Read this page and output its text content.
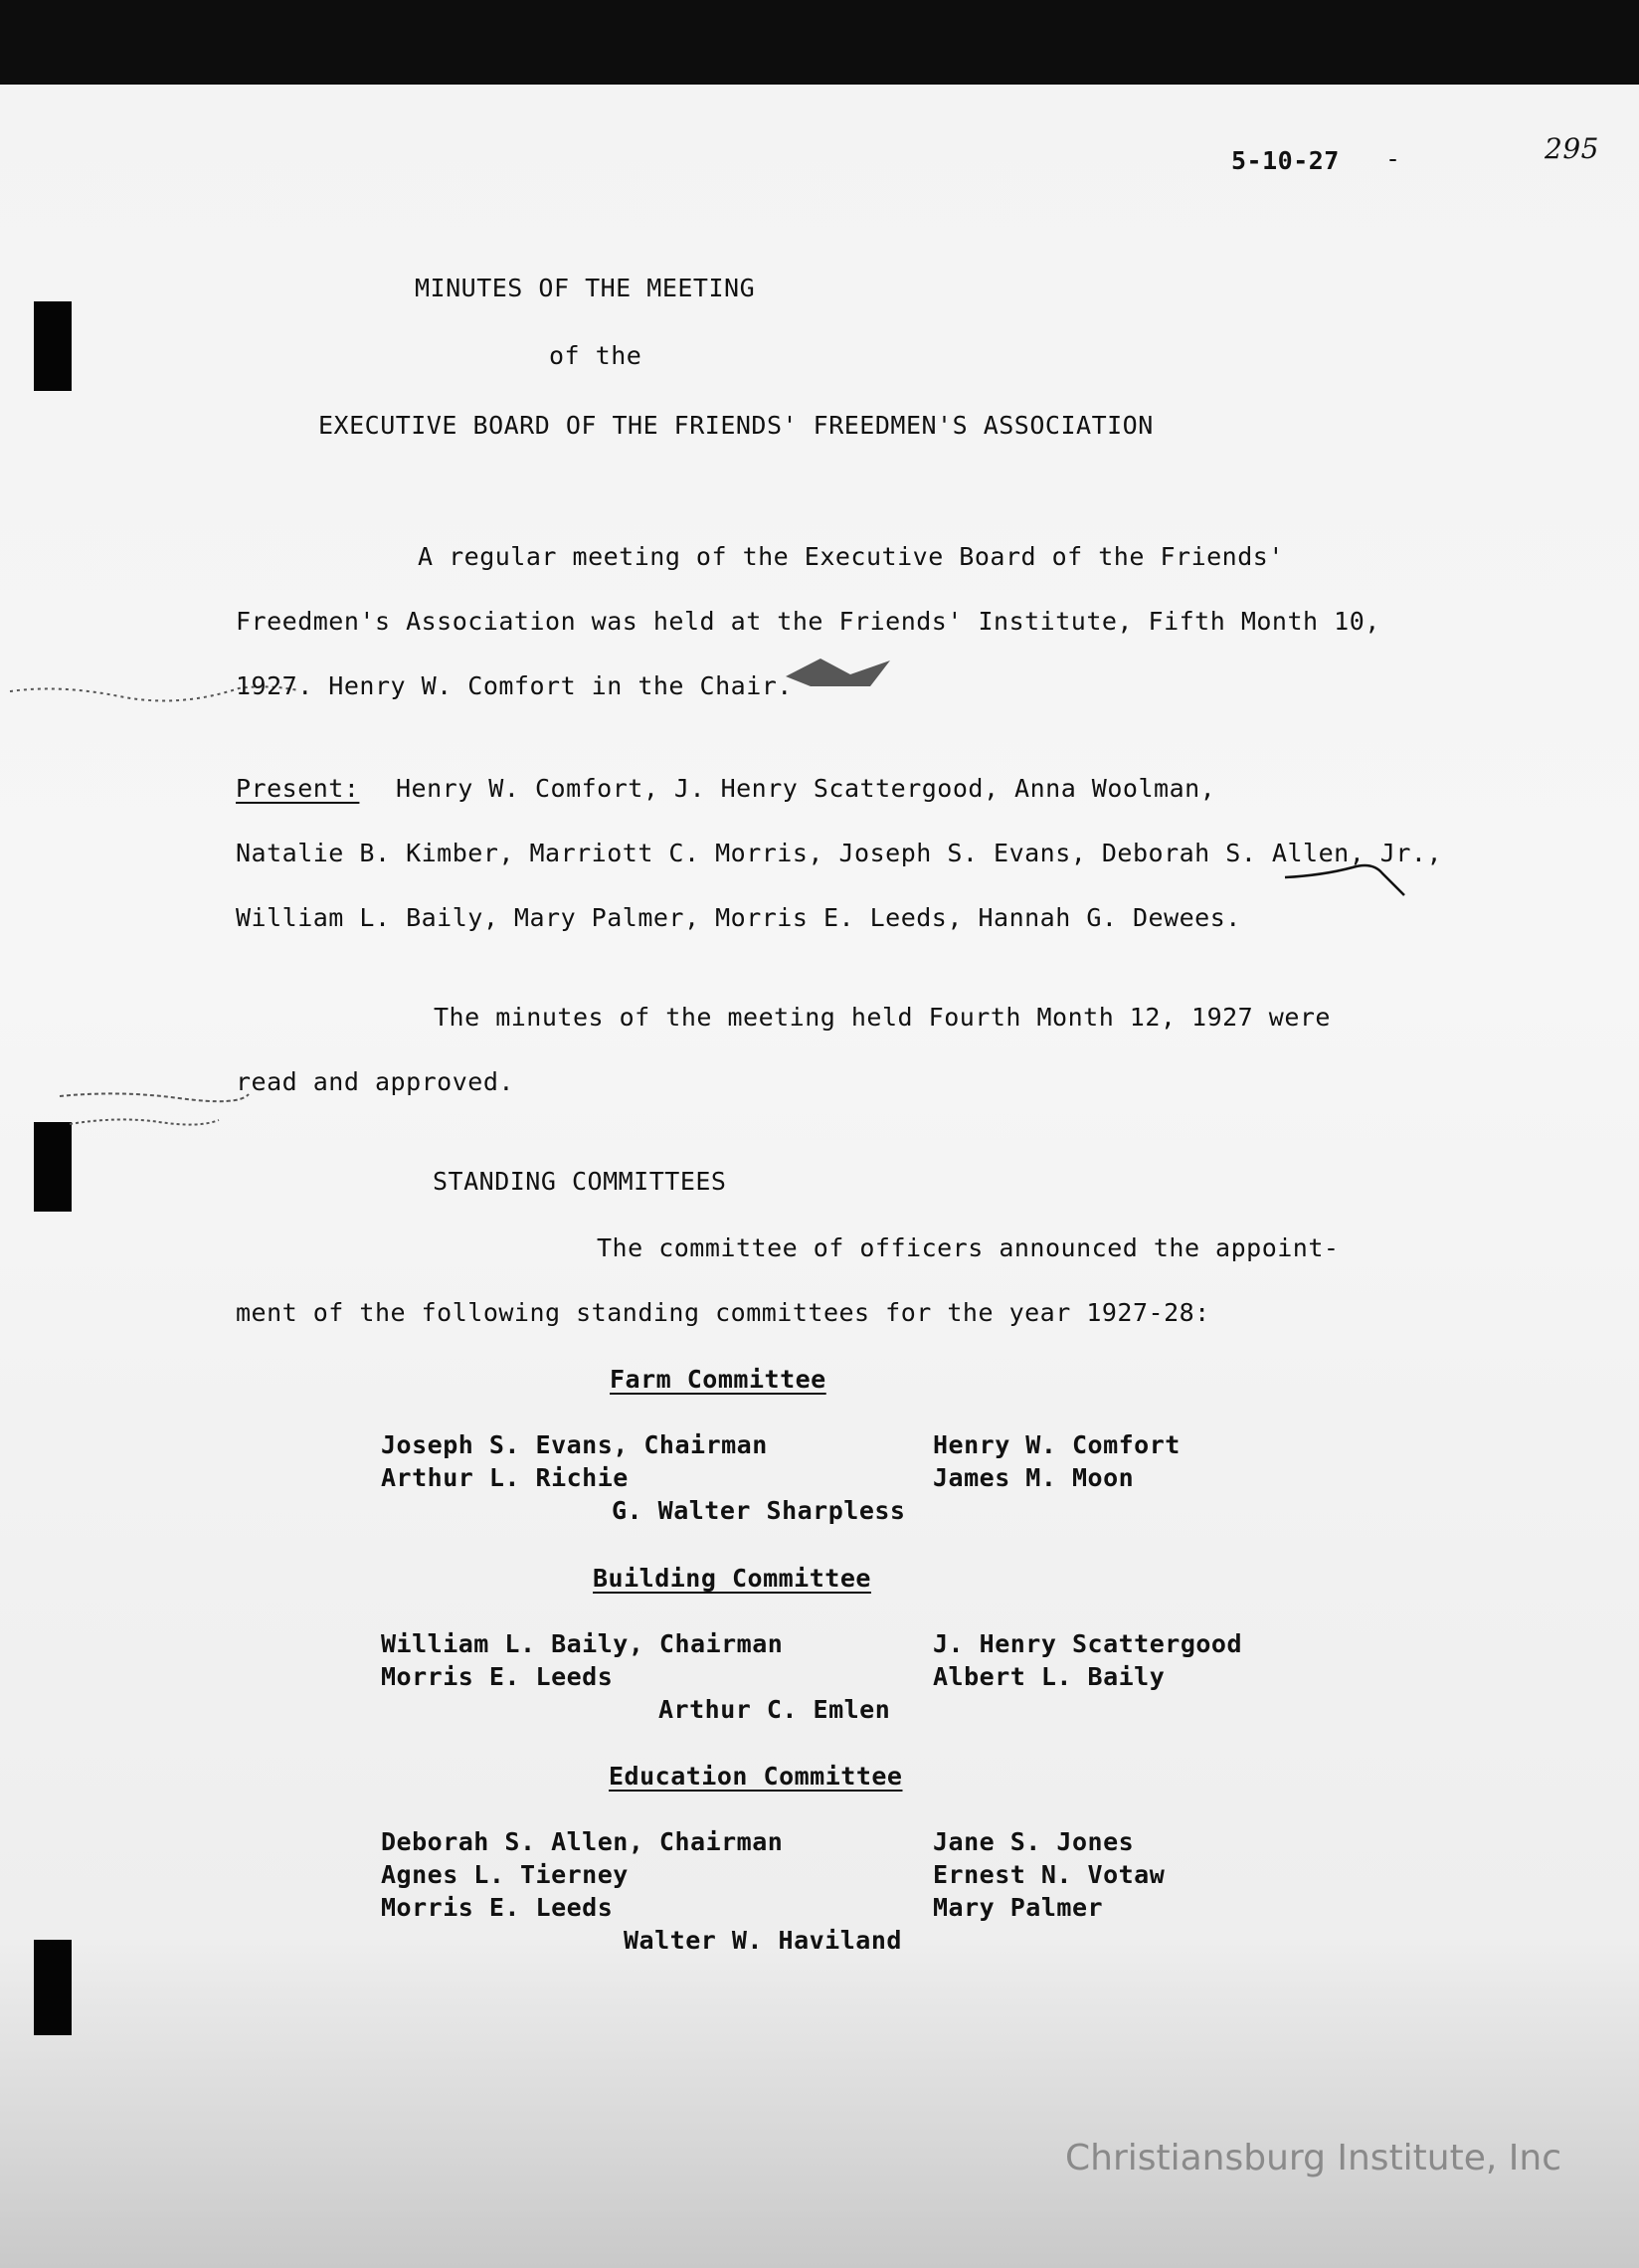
5-10-27 -	295
MINUTES OF THE MEETING
of the
EXECUTIVE BOARD OF THE FRIENDS' FREEDMEN'S ASSOCIATION
A regular meeting of the Executive Board of the Friends'
Freedmen's Association was held at the Friends' Institute, Fifth Month 10,
1927. Henry W. Comfort in the Chair.
Present: Henry W. Comfort, J. Henry Scattergood, Anna Woolman,
Natalie B. Kimber, Marriott C. Morris, Joseph S. Evans, Deborah S. Allen, Jr.,
William L. Baily, Mary Palmer, Morris E. Leeds, Hannah G. Dewees.
The minutes of the meeting held Fourth Month 12, 1927 were
read and approved.
STANDING COMMITTEES
The committee of officers announced the appoint-
ment of the following standing committees for the year 1927-28:
Farm Committee
Joseph S. Evans, Chairman	Henry W. Comfort
Arthur L. Richie	James M. Moon
G. Walter Sharpless
Building Committee
William L. Baily, Chairman	J. Henry Scattergood
Morris E. Leeds	Albert L. Baily
Arthur C. Emlen
Education Committee
Deborah S. Allen, Chairman	Jane S. Jones
Agnes L. Tierney	Ernest N. Votaw
Morris E. Leeds	Mary Palmer
Walter W. Haviland
Christiansburg Institute, Inc
